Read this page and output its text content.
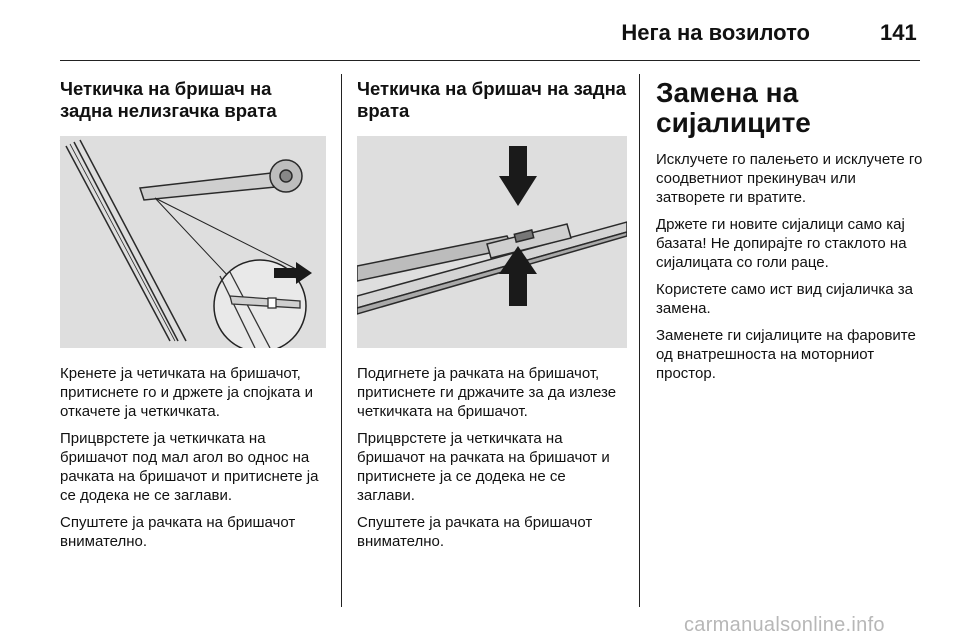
Нега на возилото	141
Четкичка на бришач на задна нелизгачка врата

Кренете ја четичката на бришачот, притиснете го и држете ја спојката и откачете ја четкичката.

Прицврстете ја четкичката на бришачот под мал агол во однос на рачката на бришачот и притиснете ја се додека не се заглави.

Спуштете ја рачката на бришачот внимателно.

Четкичка на бришач на задна врата

Подигнете ја рачката на бришачот, притиснете ги држачите за да излезе четкичката на бришачот.

Прицврстете ја четкичката на бришачот на рачката на бришачот и притиснете ја се додека не се заглави.

Спуштете ја рачката на бришачот внимателно.

Замена на сијалиците

Исклучете го палењето и исклучете го соодветниот прекинувач или затворете ги вратите.

Држете ги новите сијалици само кај базата! Не допирајте го стаклото на сијалицата со голи раце.

Користете само ист вид сијаличка за замена.

Заменете ги сијалиците на фаровите од внатрешноста на моторниот простор.

carmanualsonline.info
